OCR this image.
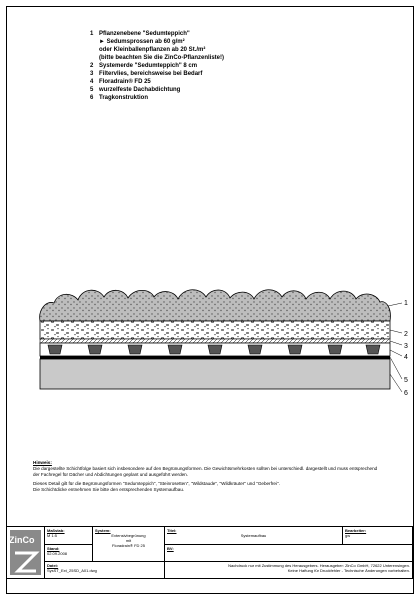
1 Pflanzenebene "Sedumteppich"
► Sedumsprossen ab 60 g/m²
oder Kleinballenpflanzen ab 20 St./m²
(bitte beachten Sie die ZinCo-Pflanzenliste!)
2 Systemerde "Sedumteppich" 8 cm
3 Filtervlies, bereichsweise bei Bedarf
4 Floradrain® FD 25
5 wurzelfeste Dachabdichtung
6 Tragkonstruktion
1
2
3
4
5
6

Hinweis:

Die dargestellte Schichtfolge basiert sich insbesondere auf den Begrünungsformen. Die Gewichtsmehrkosten sollten bei unterschiedl. dargestellt und muss entsprechend der Fachregel für Dächer und Abdichtungen geplant und ausgeführt werden.

Dieses Detail gilt für die Begrünungsformen "Sedumteppich", "Steinrosetten", "Wildstaude", "Wildkräuter" und "Geberfrei".

Die Schichtdicke entnehmen Sie bitte den entsprechenden Systemaufbau.

ZinCo
Maßstab:
M 1:5
Stand:
02.09.2008
System:
Extensivbegrünung
mit
Floradrain® FD 25
Titel:
Systemaufbau
BV:
Bearbeiter:
gw
Datei:
SysST_Ext_25SD_A01.dwg
Nachdruck nur mit Zustimmung des Herausgebers. Herausgeber: ZinCo GmbH, 72622 Unterensingen.
Keine Haftung für Druckfehler - Technische Änderungen vorbehalten.
